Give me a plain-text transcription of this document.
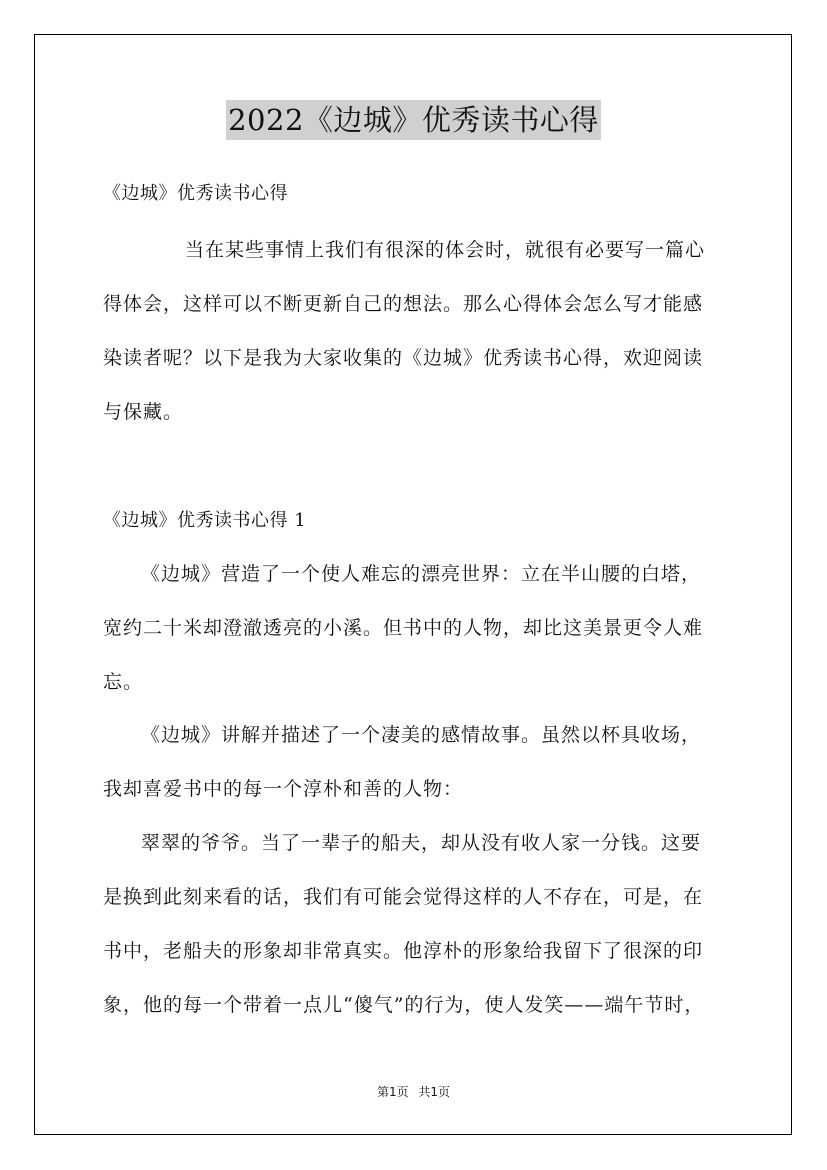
2022《边城》优秀读书心得
《边城》优秀读书心得
当在某些事情上我们有很深的体会时，就很有必要写一篇心
得体会，这样可以不断更新自己的想法。那么心得体会怎么写才能感
染读者呢？以下是我为大家收集的《边城》优秀读书心得，欢迎阅读
与保藏。
《边城》优秀读书心得 1
《边城》营造了一个使人难忘的漂亮世界：立在半山腰的白塔，
宽约二十米却澄澈透亮的小溪。但书中的人物，却比这美景更令人难
忘。
《边城》讲解并描述了一个凄美的感情故事。虽然以杯具收场，
我却喜爱书中的每一个淳朴和善的人物：
翠翠的爷爷。当了一辈子的船夫，却从没有收人家一分钱。这要
是换到此刻来看的话，我们有可能会觉得这样的人不存在，可是，在
书中，老船夫的形象却非常真实。他淳朴的形象给我留下了很深的印
象，他的每一个带着一点儿“傻气”的行为，使人发笑——端午节时，
第1页 共1页
